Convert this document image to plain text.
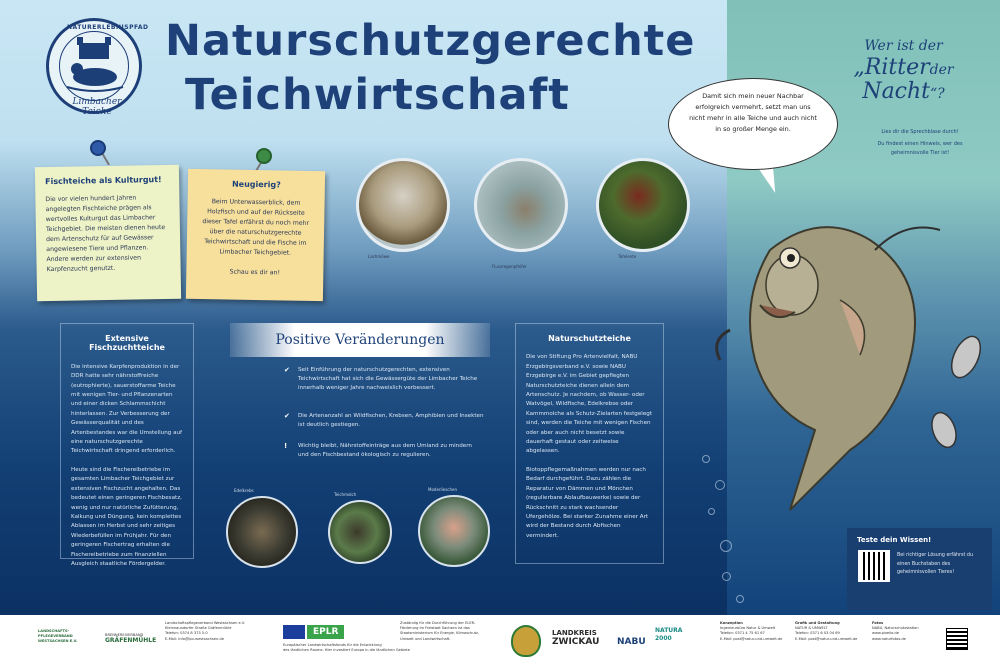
NATURERLEBNISPFAD
Limbacher Teiche
Naturschutzgerechte
Teichwirtschaft
Fischteiche als Kulturgut!
Die vor vielen hundert Jahren angelegten Fischteiche prägen als wertvolles Kulturgut das Limbacher Teichgebiet. Die meisten dienen heute dem Artenschutz für auf Gewässer angewiesene Tiere und Pflanzen. Andere werden zur extensiven Karpfenzucht genutzt.
Neugierig?
Beim Unterwasserblick, dem Holzfisch und auf der Rückseite dieser Tafel erfährst du noch mehr über die naturschutzgerechte Teichwirtschaft und die Fische im Limbacher Teichgebiet.
Schau es dir an!
Lachmöwe
Flussregenpfeifer
Tafelente
Extensive Fischzuchtteiche

Die intensive Karpfenproduktion in der DDR hatte sehr nährstoffreiche (eutrophierte), sauerstoffarme Teiche mit wenigen Tier- und Pflanzenarten und einer dicken Schlammschicht hinterlassen. Zur Verbesserung der Gewässerqualität und des Artenbestandes war die Umstellung auf eine naturschutzgerechte Teichwirtschaft dringend erforderlich.

Heute sind die Fischereibetriebe im gesamten Limbacher Teichgebiet zur extensiven Fischzucht angehalten. Das bedeutet einen geringeren Fischbesatz, wenig und nur natürliche Zufütterung, Kalkung und Düngung, kein komplettes Ablassen im Herbst und sehr zeitiges Wiederbefüllen im Frühjahr. Für den geringeren Fischertrag erhalten die Fischereibetriebe zum finanziellen Ausgleich staatliche Fördergelder.

Positive Veränderungen
✔ Seit Einführung der naturschutzgerechten, extensiven Teichwirtschaft hat sich die Gewässergüte der Limbacher Teiche innerhalb weniger Jahre nachweislich verbessert.
✔ Die Artenanzahl an Wildfischen, Krebsen, Amphibien und Insekten ist deutlich gestiegen.
! Wichtig bleibt, Nährstoffeinträge aus dem Umland zu mindern und den Fischbestand ökologisch zu regulieren.
Edelkrebs
Teichmolch
Moderlieschen
Naturschutzteiche

Die von Stiftung Pro Artenvielfalt, NABU Erzgebirgsverband e.V. sowie NABU Erzgebirge e.V. im Gebiet gepflegten Naturschutzteiche dienen allein dem Artenschutz. Je nachdem, ob Wasser- oder Watvögel, Wildfische, Edelkrebse oder Kammmolche als Schutz-Zielarten festgelegt sind, werden die Teiche mit wenigen Fischen oder aber auch nicht besetzt sowie dauerhaft gestaut oder zeitweise abgelassen.

Biotoppflegemaßnahmen werden nur nach Bedarf durchgeführt. Dazu zählen die Reparatur von Dämmen und Mönchen (regulierbare Ablaufbauwerke) sowie der Rückschnitt zu stark wachsender Ufergehölze. Bei starker Zunahme einer Art wird der Bestand durch Abfischen vermindert.

Damit sich mein neuer Nachbar erfolgreich vermehrt, setzt man uns nicht mehr in alle Teiche und auch nicht in so großer Menge ein.
Wer ist der
„Ritterder
Nacht“?
Lies dir die Sprechblase durch!
Du findest einen Hinweis, wer des geheimnisvolle Tier ist!
Teste dein Wissen!
Bei richtiger Lösung erfährst du einen Buchstaben des geheimnisvollen Tieres!
LANDSCHAFTS-
PFLEGEVERBAND
WESTSACHSEN E.V.
BRENNEREIVERBAND
GRÄFENMÜHLE
Landschaftspflegeverband Westsachsen e.V.
Kleinnaundorfer Straße Gräfenmühle
Telefon: 0374 8 373 5-0
E-Mail: info@lpv-westsachsen.de
EPLR
Europäischer Landwirtschaftsfonds für die Entwicklung
des ländlichen Raums: Hier investiert Europa in die ländlichen Gebiete
Zuständig für die Durchführung der ELER-
Förderung im Freistaat Sachsen ist das
Staatsministerium für Energie, Klimaschutz,
Umwelt und Landwirtschaft.
LANDKREIS
ZWICKAU NABU
NATURA
2000
Konzeption
Ingenieurbüro Natur & Umwelt
Telefon: 0371 4 75 61 67
E-Mail: post@natur-und-umwelt.de
Grafik und Gestaltung
NATUR & UMWELT
Telefon: 0371 6 03 04 69
E-Mail: post@natur-und-umwelt.de
Fotos
NABU, Naturschutzstation
www.pixelio.de
www.naturfotos.de
